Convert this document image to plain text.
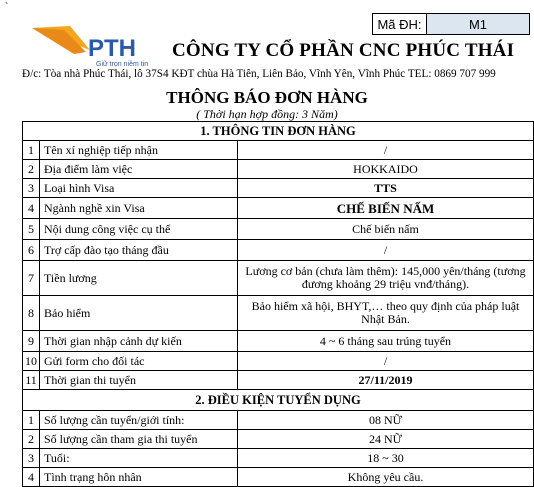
`
Mã ĐH:	M1
PTH
Giữ trọn niềm tin
CÔNG TY CỔ PHẦN CNC PHÚC THÁI
Đ/c: Tòa nhà Phúc Thái, lô 37S4 KĐT chùa Hà Tiên, Liên Bảo, Vĩnh Yên, Vĩnh Phúc TEL: 0869 707 999
THÔNG BÁO ĐƠN HÀNG
( Thời hạn hợp đồng: 3 Năm)
1. THÔNG TIN ĐƠN HÀNG		
1	Tên xí nghiệp tiếp nhận	/
2	Địa điểm làm việc	HOKKAIDO
3	Loại hình Visa	TTS
4	Ngành nghề xin Visa	CHẾ BIẾN NẤM
5	Nội dung công việc cụ thể	Chế biến nấm
6	Trợ cấp đào tạo tháng đầu	/
7	Tiền lương	Lương cơ bản (chưa làm thêm): 145,000 yên/tháng (tương đương khoảng 29 triệu vnđ/tháng).
8	Bảo hiểm	Bảo hiểm xã hội, BHYT,… theo quy định của pháp luật Nhật Bản.
9	Thời gian nhập cảnh dự kiến	4 ~ 6 tháng sau trúng tuyển
10	Gửi form cho đối tác	/
11	Thời gian thi tuyển	27/11/2019
2. ĐIỀU KIỆN TUYỂN DỤNG		
1	Số lượng cần tuyển/giới tính:	08 NỮ
2	Số lượng cần tham gia thi tuyển	24 NỮ
3	Tuổi:	18 ~ 30
4	Tình trạng hôn nhân	Không yêu cầu.
